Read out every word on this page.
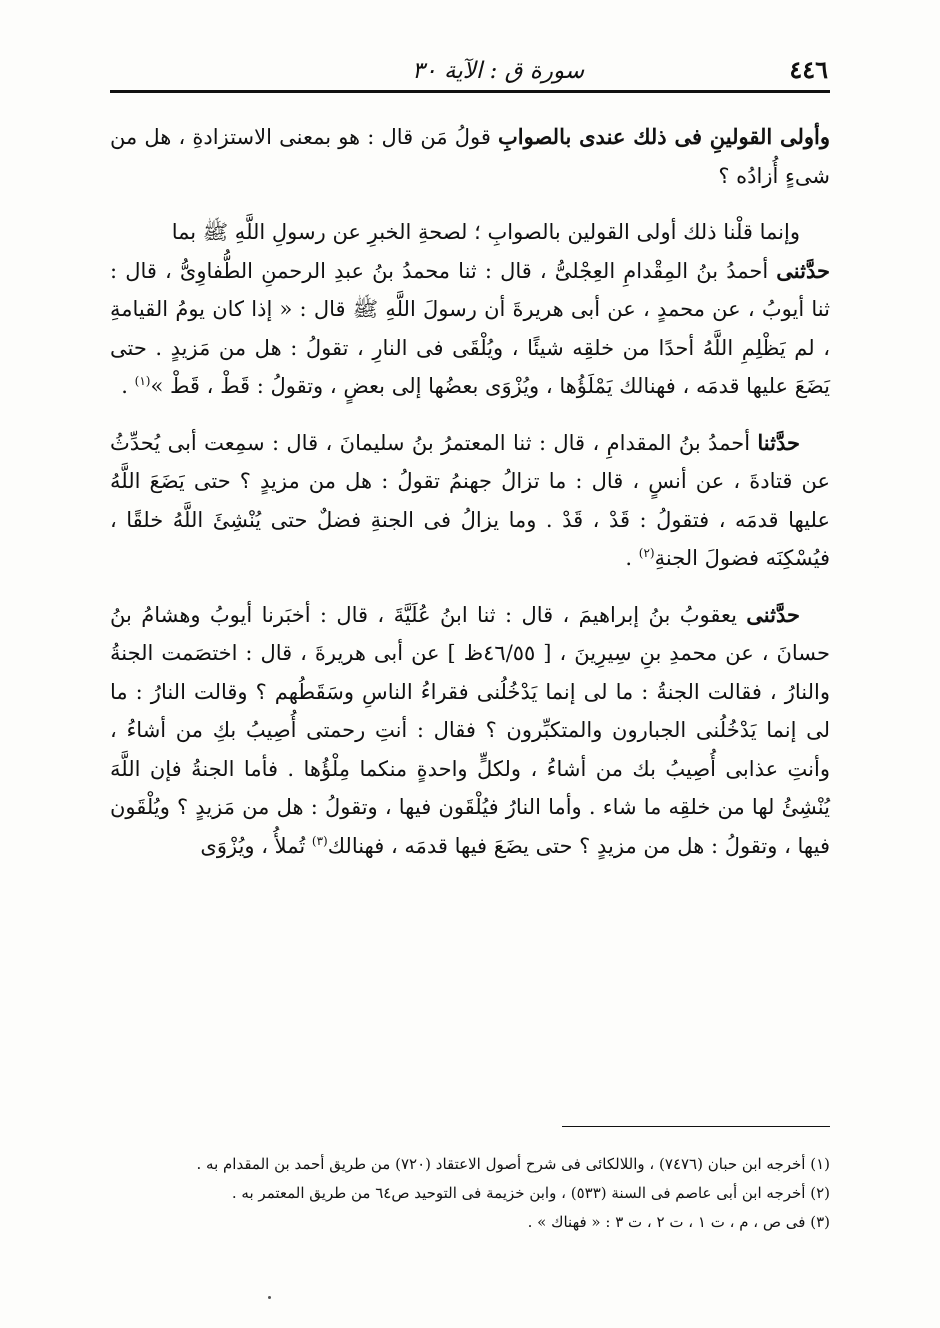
٤٤٦
سورة ق : الآية ٣٠

وأولى القولينِ فى ذلك عندى بالصوابِ قولُ مَن قال : هو بمعنى الاستزادةِ ، هل من شىءٍ أُزادُه ؟

وإنما قلْنا ذلك أولى القولين بالصوابِ ؛ لصحةِ الخبرِ عن رسولِ اللَّهِ ﷺ بما

حدَّثنى أحمدُ بنُ المِقْدامِ العِجْلىُّ ، قال : ثنا محمدُ بنُ عبدِ الرحمنِ الطُّفاوِىُّ ، قال : ثنا أيوبُ ، عن محمدٍ ، عن أبى هريرةَ أن رسولَ اللَّهِ ﷺ قال : « إذا كان يومُ القيامةِ ، لم يَظْلِمِ اللَّهُ أحدًا من خلقِه شيئًا ، ويُلْقَى فى النارِ ، تقولُ : هل من مَزيدٍ . حتى يَضَعَ عليها قدمَه ، فهنالك يَمْلَؤُها ، ويُزْوَى بعضُها إلى بعضٍ ، وتقولُ : قَطْ ، قَطْ »$^{(١)}$ .

حدَّثنا أحمدُ بنُ المقدامِ ، قال : ثنا المعتمرُ بنُ سليمانَ ، قال : سمِعت أبى يُحدِّثُ عن قتادةَ ، عن أنسٍ ، قال : ما تزالُ جهنمُ تقولُ : هل من مزيدٍ ؟ حتى يَضَعَ اللَّهُ عليها قدمَه ، فتقولُ : قَدْ ، قَدْ . وما يزالُ فى الجنةِ فضلٌ حتى يُنْشِئَ اللَّهُ خلقًا ، فيُسْكِنَه فضولَ الجنةِ$^{(٢)}$ .

حدَّثنى يعقوبُ بنُ إبراهيمَ ، قال : ثنا ابنُ عُلَيَّةَ ، قال : أخبَرنا أيوبُ وهشامُ بنُ حسانَ ، عن محمدِ بنِ سِيرِينَ ، [ ٤٦/٥٥ظ ] عن أبى هريرةَ ، قال : اختصَمت الجنةُ والنارُ ، فقالت الجنةُ : ما لى إنما يَدْخُلُنى فقراءُ الناسِ وسَقَطُهم ؟ وقالت النارُ : ما لى إنما يَدْخُلُنى الجبارون والمتكبِّرون ؟ فقال : أنتِ رحمتى أُصِيبُ بكِ من أشاءُ ، وأنتِ عذابى أُصِيبُ بك من أشاءُ ، ولكلٍّ واحدةٍ منكما مِلْؤُها . فأما الجنةُ فإن اللَّهَ يُنْشِئُ لها من خلقِه ما شاء . وأما النارُ فيُلْقَون فيها ، وتقولُ : هل من مَزيدٍ ؟ ويُلْقَون فيها ، وتقولُ : هل من مزيدٍ ؟ حتى يضَعَ فيها قدمَه ، فهنالك$^{(٣)}$ تُملأُ ، ويُزْوَى

(١) أخرجه ابن حبان (٧٤٧٦) ، واللالكائى فى شرح أصول الاعتقاد (٧٢٠) من طريق أحمد بن المقدام به .
(٢) أخرجه ابن أبى عاصم فى السنة (٥٣٣) ، وابن خزيمة فى التوحيد ص٦٤ من طريق المعتمر به .
(٣) فى ص ، م ، ت ١ ، ت ٢ ، ت ٣ : « فهناك » .
